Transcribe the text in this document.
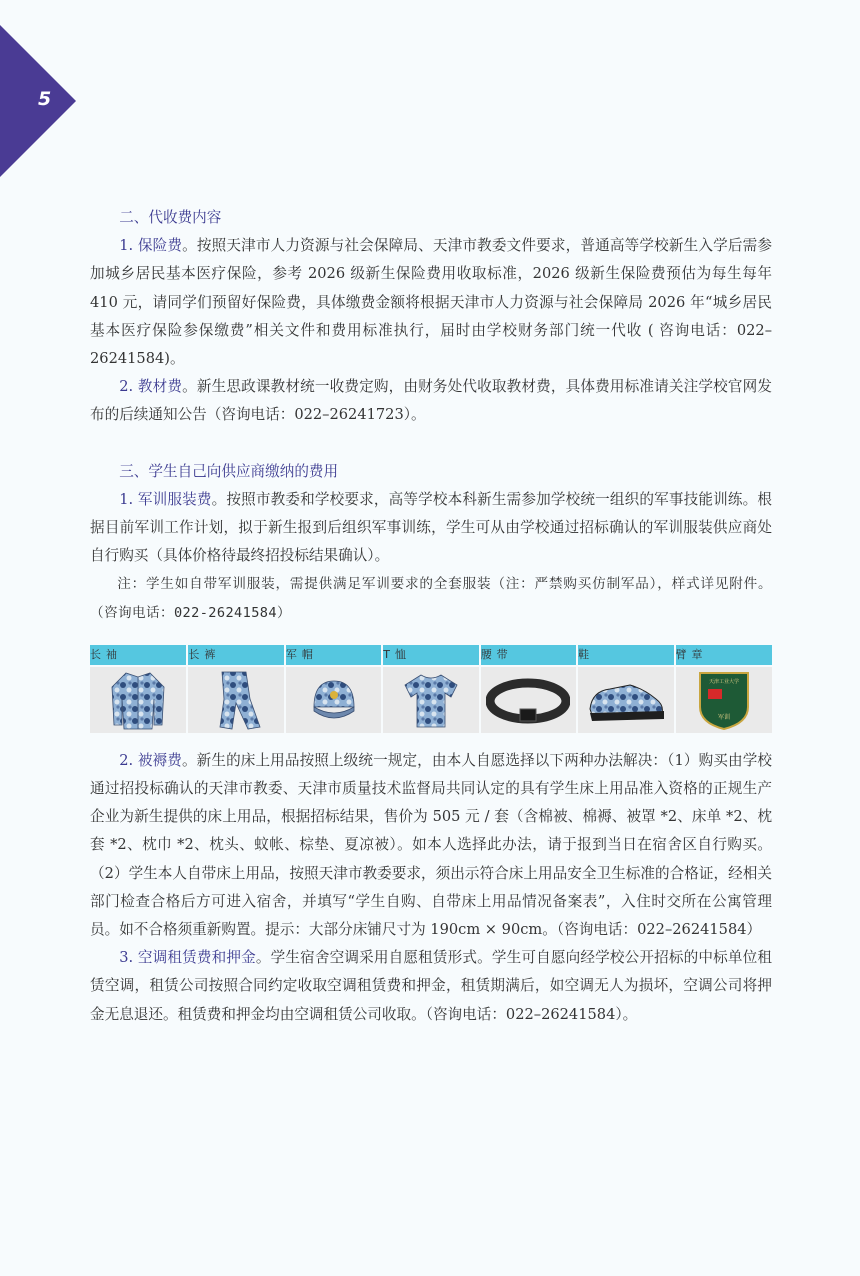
5
二、代收费内容

1. 保险费。按照天津市人力资源与社会保障局、天津市教委文件要求，普通高等学校新生入学后需参加城乡居民基本医疗保险，参考 2026 级新生保险费用收取标准，2026 级新生保险费预估为每生每年 410 元，请同学们预留好保险费，具体缴费金额将根据天津市人力资源与社会保障局 2026 年“城乡居民基本医疗保险参保缴费”相关文件和费用标准执行，届时由学校财务部门统一代收 ( 咨询电话：022–26241584)。

2. 教材费。新生思政课教材统一收费定购，由财务处代收取教材费，具体费用标准请关注学校官网发布的后续通知公告（咨询电话：022–26241723）。

三、学生自己向供应商缴纳的费用

1. 军训服装费。按照市教委和学校要求，高等学校本科新生需参加学校统一组织的军事技能训练。根据目前军训工作计划，拟于新生报到后组织军事训练，学生可从由学校通过招标确认的军训服装供应商处自行购买（具体价格待最终招投标结果确认）。

注：学生如自带军训服装，需提供满足军训要求的全套服装（注：严禁购买仿制军品），样式详见附件。（咨询电话：022-26241584）

长袖	长裤	军帽	T恤	腰带	鞋	臂章

天津工业大学
军训

2. 被褥费。新生的床上用品按照上级统一规定，由本人自愿选择以下两种办法解决：（1）购买由学校通过招投标确认的天津市教委、天津市质量技术监督局共同认定的具有学生床上用品准入资格的正规生产企业为新生提供的床上用品，根据招标结果，售价为 505 元 / 套（含棉被、棉褥、被罩 *2、床单 *2、枕套 *2、枕巾 *2、枕头、蚊帐、棕垫、夏凉被）。如本人选择此办法，请于报到当日在宿舍区自行购买。（2）学生本人自带床上用品，按照天津市教委要求，须出示符合床上用品安全卫生标准的合格证，经相关部门检查合格后方可进入宿舍，并填写“学生自购、自带床上用品情况备案表”，入住时交所在公寓管理员。如不合格须重新购置。提示：大部分床铺尺寸为 190cm × 90cm。（咨询电话：022–26241584）

3. 空调租赁费和押金。学生宿舍空调采用自愿租赁形式。学生可自愿向经学校公开招标的中标单位租赁空调，租赁公司按照合同约定收取空调租赁费和押金，租赁期满后，如空调无人为损坏，空调公司将押金无息退还。租赁费和押金均由空调租赁公司收取。（咨询电话：022–26241584）。
